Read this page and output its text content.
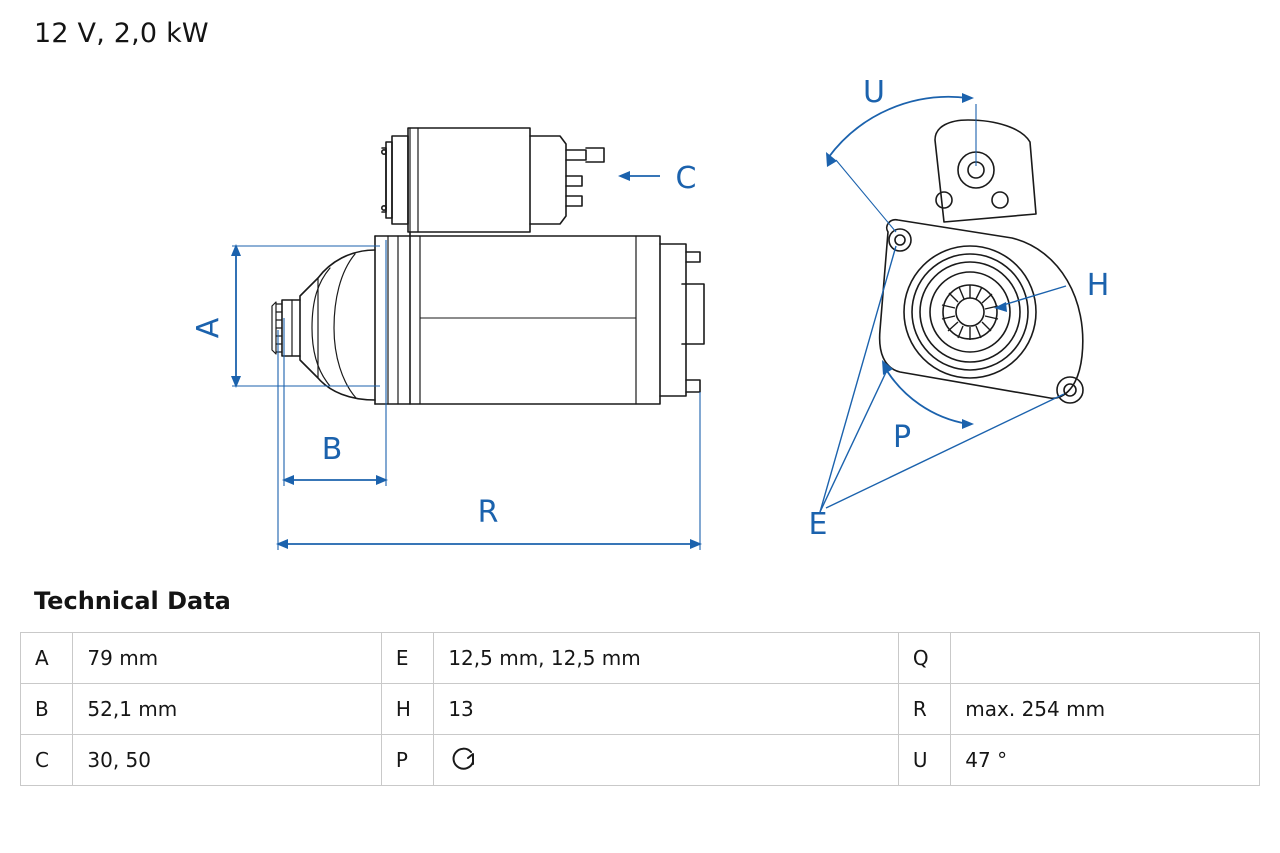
12 V, 2,0 kW
A
B
C
R
U
H
P
E
Technical Data
A	79 mm	E	12,5 mm, 12,5 mm	Q	
B	52,1 mm	H	13	R	max. 254 mm
C	30, 50	P		U	47 °
